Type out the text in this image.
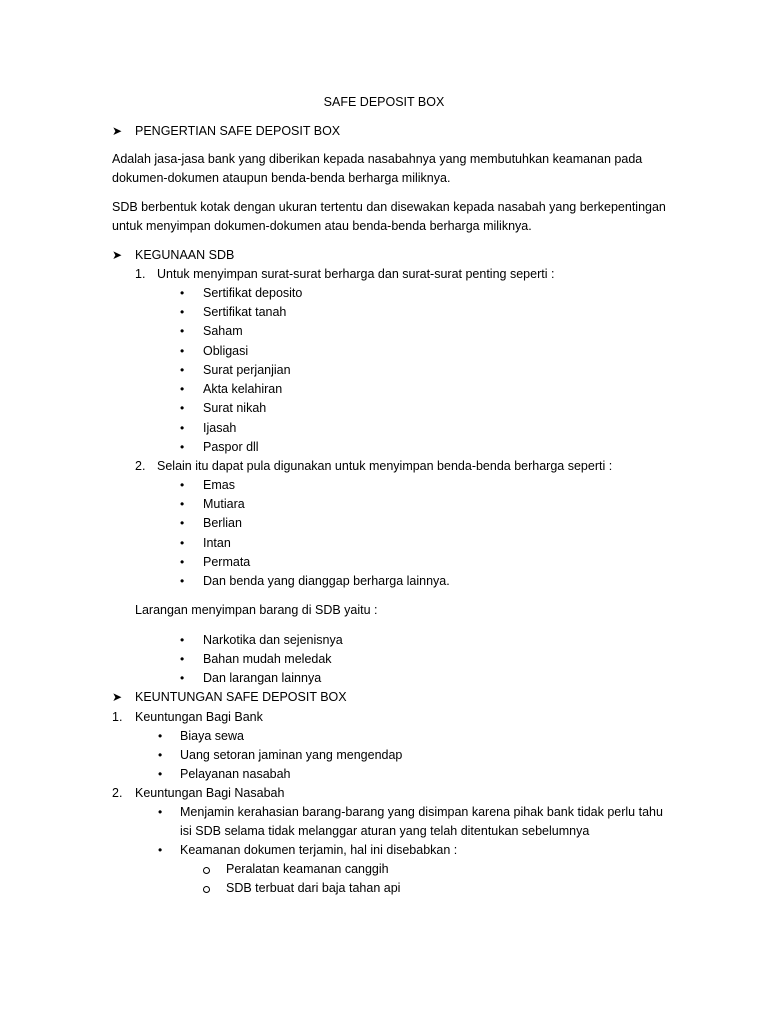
SAFE DEPOSIT BOX
➤ PENGERTIAN SAFE DEPOSIT BOX
Adalah jasa-jasa bank yang diberikan kepada nasabahnya yang membutuhkan keamanan pada
dokumen-dokumen ataupun benda-benda berharga miliknya.
SDB berbentuk kotak dengan ukuran tertentu dan disewakan kepada nasabah yang berkepentingan
untuk menyimpan dokumen-dokumen atau benda-benda berharga miliknya.
➤ KEGUNAAN SDB
1. Untuk menyimpan surat-surat berharga dan surat-surat penting seperti :
• Sertifikat deposito
• Sertifikat tanah
• Saham
• Obligasi
• Surat perjanjian
• Akta kelahiran
• Surat nikah
• Ijasah
• Paspor dll
2. Selain itu dapat pula digunakan untuk menyimpan benda-benda berharga seperti :
• Emas
• Mutiara
• Berlian
• Intan
• Permata
• Dan benda yang dianggap berharga lainnya.
Larangan menyimpan barang di SDB yaitu :
• Narkotika dan sejenisnya
• Bahan mudah meledak
• Dan larangan lainnya
➤ KEUNTUNGAN SAFE DEPOSIT BOX
1. Keuntungan Bagi Bank
• Biaya sewa
• Uang setoran jaminan yang mengendap
• Pelayanan nasabah
2. Keuntungan Bagi Nasabah
• Menjamin kerahasian barang-barang yang disimpan karena pihak bank tidak perlu tahu
isi SDB selama tidak melanggar aturan yang telah ditentukan sebelumnya
• Keamanan dokumen terjamin, hal ini disebabkan :
Peralatan keamanan canggih
SDB terbuat dari baja tahan api
